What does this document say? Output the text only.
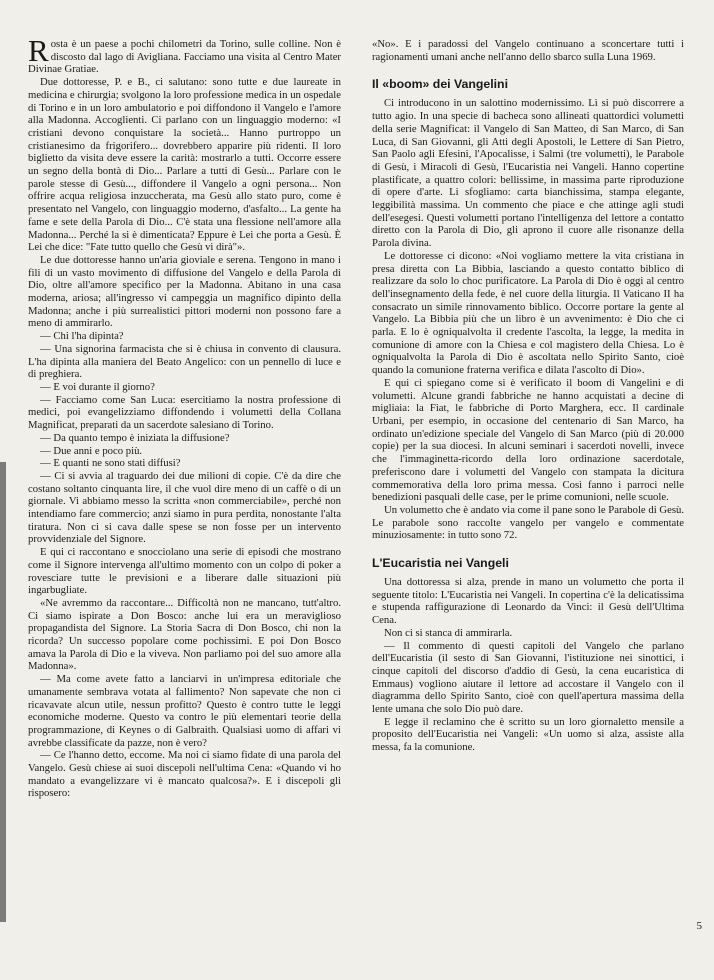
R osta è un paese a pochi chilometri da Torino, sulle colline. Non è discosto dal lago di Avigliana. Facciamo una visita al Centro Mater Divinae Gratiae.

Due dottoresse, P. e B., ci salutano: sono tutte e due laureate in medicina e chirurgia; svolgono la loro professione medica in un ospedale di Torino e in un loro ambulatorio e poi diffondono il Vangelo e l'amore alla Madonna. Accoglienti. Ci parlano con un linguaggio moderno: «I cristiani devono conquistare la società... Hanno purtroppo un cristianesimo da frigorifero... dovrebbero apparire più ridenti. Il loro biglietto da visita deve essere la carità: mostrarlo a tutti. Occorre essere un segno della bontà di Dio... Parlare a tutti di Gesù... Parlare con le parole stesse di Gesù..., diffondere il Vangelo a ogni persona... Non offrire acqua religiosa inzuccherata, ma Gesù allo stato puro, come è presentato nel Vangelo, con linguaggio moderno, d'asfalto... La gente ha fame e sete della Parola di Dio... C'è stata una flessione nell'amore alla Madonna... Perché la si è dimenticata? Eppure è Lei che porta a Gesù. È Lei che dice: "Fate tutto quello che Gesù vi dirà"».

Le due dottoresse hanno un'aria gioviale e serena. Tengono in mano i fili di un vasto movimento di diffusione del Vangelo e della Parola di Dio, oltre all'amore specifico per la Madonna. Abitano in una casa moderna, ariosa; all'ingresso vi campeggia un magnifico dipinto della Madonna; anche i più surrealistici pittori moderni non possono fare a meno di ammirarlo.

— Chi l'ha dipinta?

— Una signorina farmacista che si è chiusa in convento di clausura. L'ha dipinta alla maniera del Beato Angelico: con un pennello di luce e di preghiera.

— E voi durante il giorno?

— Facciamo come San Luca: esercitiamo la nostra professione di medici, poi evangelizziamo diffondendo i volumetti della Collana Magnificat, preparati da un sacerdote salesiano di Torino.

— Da quanto tempo è iniziata la diffusione?

— Due anni e poco più.

— E quanti ne sono stati diffusi?

— Ci si avvia al traguardo dei due milioni di copie. C'è da dire che costano soltanto cinquanta lire, il che vuol dire meno di un caffè o di un giornale. Vi abbiamo messo la scritta «non commerciabile», perché non intendiamo fare commercio; anzi siamo in pura perdita, nonostante l'alta tiratura. Non ci si cava dalle spese se non fosse per un intervento provvidenziale del Signore.

E qui ci raccontano e snocciolano una serie di episodi che mostrano come il Signore intervenga all'ultimo momento con un colpo di poker a rovesciare tutte le previsioni e a liberare dalle situazioni più ingarbugliate.

«Ne avremmo da raccontare... Difficoltà non ne mancano, tutt'altro. Ci siamo ispirate a Don Bosco: anche lui era un meraviglioso propagandista del Signore. La Storia Sacra di Don Bosco, chi non la ricorda? Un successo popolare come pochissimi. E poi Don Bosco amava la Parola di Dio e la viveva. Non parliamo poi del suo amore alla Madonna».

— Ma come avete fatto a lanciarvi in un'impresa editoriale che umanamente sembrava votata al fallimento? Non sapevate che non ci ricavavate alcun utile, nessun profitto? Questo è contro tutte le leggi economiche moderne. Questo va contro le più elementari teorie della programmazione, di Keynes o di Galbraith. Qualsiasi uomo di affari vi avrebbe classificate da pazze, non è vero?

— Ce l'hanno detto, eccome. Ma noi ci siamo fidate di una parola del Vangelo. Gesù chiese ai suoi discepoli nell'ultima Cena: «Quando vi ho mandato a evangelizzare vi è mancato qualcosa?». E i discepoli gli risposero:

«No». E i paradossi del Vangelo continuano a sconcertare tutti i ragionamenti umani anche nell'anno dello sbarco sulla Luna 1969.

Il «boom» dei Vangelini

Ci introducono in un salottino modernissimo. Lì si può discorrere a tutto agio. In una specie di bacheca sono allineati quattordici volumetti della serie Magnificat: il Vangelo di San Matteo, di San Marco, di San Luca, di San Giovanni, gli Atti degli Apostoli, le Lettere di San Pietro, San Paolo agli Efesini, l'Apocalisse, i Salmi (tre volumetti), le Parabole di Gesù, i Miracoli di Gesù, l'Eucaristia nei Vangeli. Hanno copertine plastificate, a quattro colori: bellissime, in massima parte riproduzione di opere d'arte. Li sfogliamo: carta bianchissima, stampa elegante, leggibilità massima. Un commento che piace e che attinge agli studi dell'esegesi. Questi volumetti portano l'intelligenza del lettore a contatto diretto con la Parola di Dio, gli aprono il cuore alle risonanze della Parola divina.

Le dottoresse ci dicono: «Noi vogliamo mettere la vita cristiana in presa diretta con La Bibbia, lasciando a questo contatto biblico di realizzare da solo lo choc purificatore. La Parola di Dio è oggi al centro dell'insegnamento della fede, è nel cuore della liturgia. Il Vaticano II ha consacrato un simile rinnovamento biblico. Occorre portare la gente al Vangelo. La Bibbia più che un libro è un avvenimento: è Dio che ci parla. E lo è ogniqualvolta il credente l'ascolta, la legge, la medita in comunione di amore con la Chiesa e col magistero della Chiesa. Lo è ogniqualvolta la Parola di Dio è ascoltata nello Spirito Santo, cioè quando la comunione fraterna verifica e dilata l'ascolto di Dio».

E qui ci spiegano come si è verificato il boom di Vangelini e di volumetti. Alcune grandi fabbriche ne hanno acquistati a decine di migliaia: la Fiat, le fabbriche di Porto Marghera, ecc. Il cardinale Urbani, per esempio, in occasione del centenario di San Marco, ha ordinato un'edizione speciale del Vangelo di San Marco (più di 20.000 copie) per la sua diocesi. In alcuni seminari i sacerdoti novelli, invece che l'immaginetta-ricordo della loro ordinazione sacerdotale, preferiscono dare i volumetti del Vangelo con stampata la dicitura commemorativa della loro prima messa. Così fanno i parroci nelle benedizioni pasquali delle case, per le prime comunioni, nelle scuole.

Un volumetto che è andato via come il pane sono le Parabole di Gesù. Le parabole sono raccolte vangelo per vangelo e commentate minuziosamente: in tutto sono 72.

L'Eucaristia nei Vangeli

Una dottoressa si alza, prende in mano un volumetto che porta il seguente titolo: L'Eucaristia nei Vangeli. In copertina c'è la delicatissima e stupenda raffigurazione di Leonardo da Vinci: il Gesù dell'Ultima Cena.

Non ci si stanca di ammirarla.

— Il commento di questi capitoli del Vangelo che parlano dell'Eucaristia (il sesto di San Giovanni, l'istituzione nei sinottici, i cinque capitoli del discorso d'addio di Gesù, la cena eucaristica di Emmaus) vogliono aiutare il lettore ad accostare il Vangelo con il diagramma dello Spirito Santo, cioè con quell'apertura massima della lente umana che solo Dio può dare.

E legge il reclamino che è scritto su un loro giornaletto mensile a proposito dell'Eucaristia nei Vangeli: «Un uomo si alza, assiste alla messa, fa la comunione.

5
